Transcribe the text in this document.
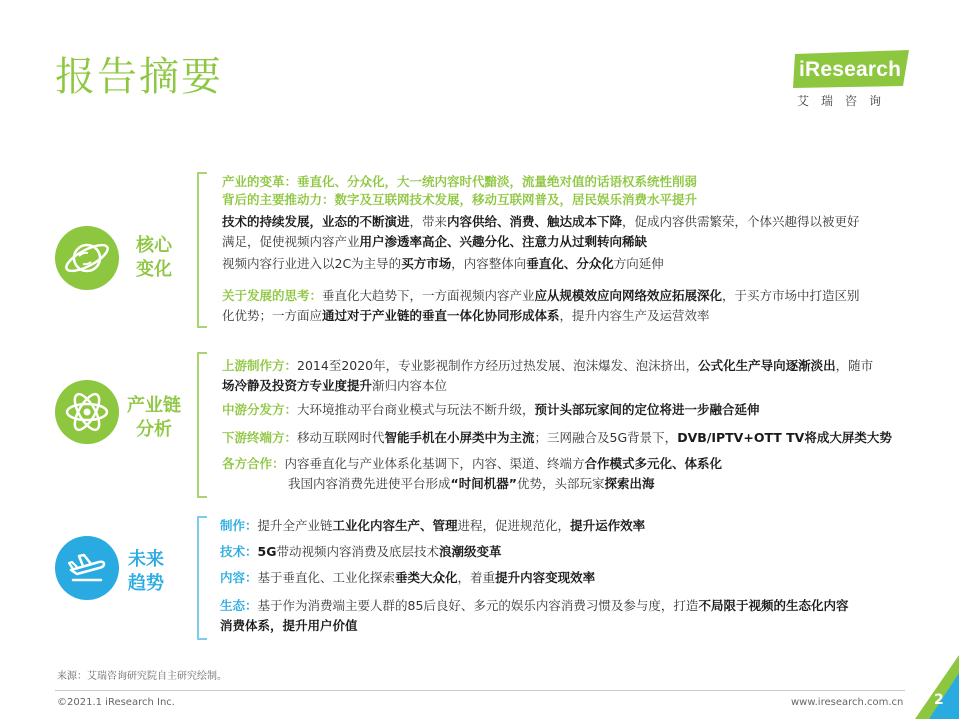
报告摘要	iResearch
艾瑞咨询
核心
变化
产业的变革：垂直化、分众化，大一统内容时代黯淡，流量绝对值的话语权系统性削弱
背后的主要推动力：数字及互联网技术发展，移动互联网普及，居民娱乐消费水平提升
技术的持续发展，业态的不断演进，带来内容供给、消费、触达成本下降，促成内容供需繁荣，个体兴趣得以被更好
满足，促使视频内容产业用户渗透率高企、兴趣分化、注意力从过剩转向稀缺
视频内容行业进入以2C为主导的买方市场，内容整体向垂直化、分众化方向延伸
关于发展的思考：垂直化大趋势下，一方面视频内容产业应从规模效应向网络效应拓展深化，于买方市场中打造区别
化优势；一方面应通过对于产业链的垂直一体化协同形成体系，提升内容生产及运营效率
产业链
分析
上游制作方：2014至2020年，专业影视制作方经历过热发展、泡沫爆发、泡沫挤出，公式化生产导向逐渐淡出，随市
场冷静及投资方专业度提升渐归内容本位
中游分发方：大环境推动平台商业模式与玩法不断升级，预计头部玩家间的定位将进一步融合延伸
下游终端方：移动互联网时代智能手机在小屏类中为主流；三网融合及5G背景下，DVB/IPTV+OTT TV将成大屏类大势
各方合作：内容垂直化与产业体系化基调下，内容、渠道、终端方合作模式多元化、体系化
我国内容消费先进使平台形成“时间机器”优势，头部玩家探索出海
未来
趋势
制作：提升全产业链工业化内容生产、管理进程，促进规范化，提升运作效率
技术：5G带动视频内容消费及底层技术浪潮级变革
内容：基于垂直化、工业化探索垂类大众化，着重提升内容变现效率
生态：基于作为消费端主要人群的85后良好、多元的娱乐内容消费习惯及参与度，打造不局限于视频的生态化内容
消费体系，提升用户价值
来源：艾瑞咨询研究院自主研究绘制。
©2021.1 iResearch Inc.	www.iresearch.com.cn 2
